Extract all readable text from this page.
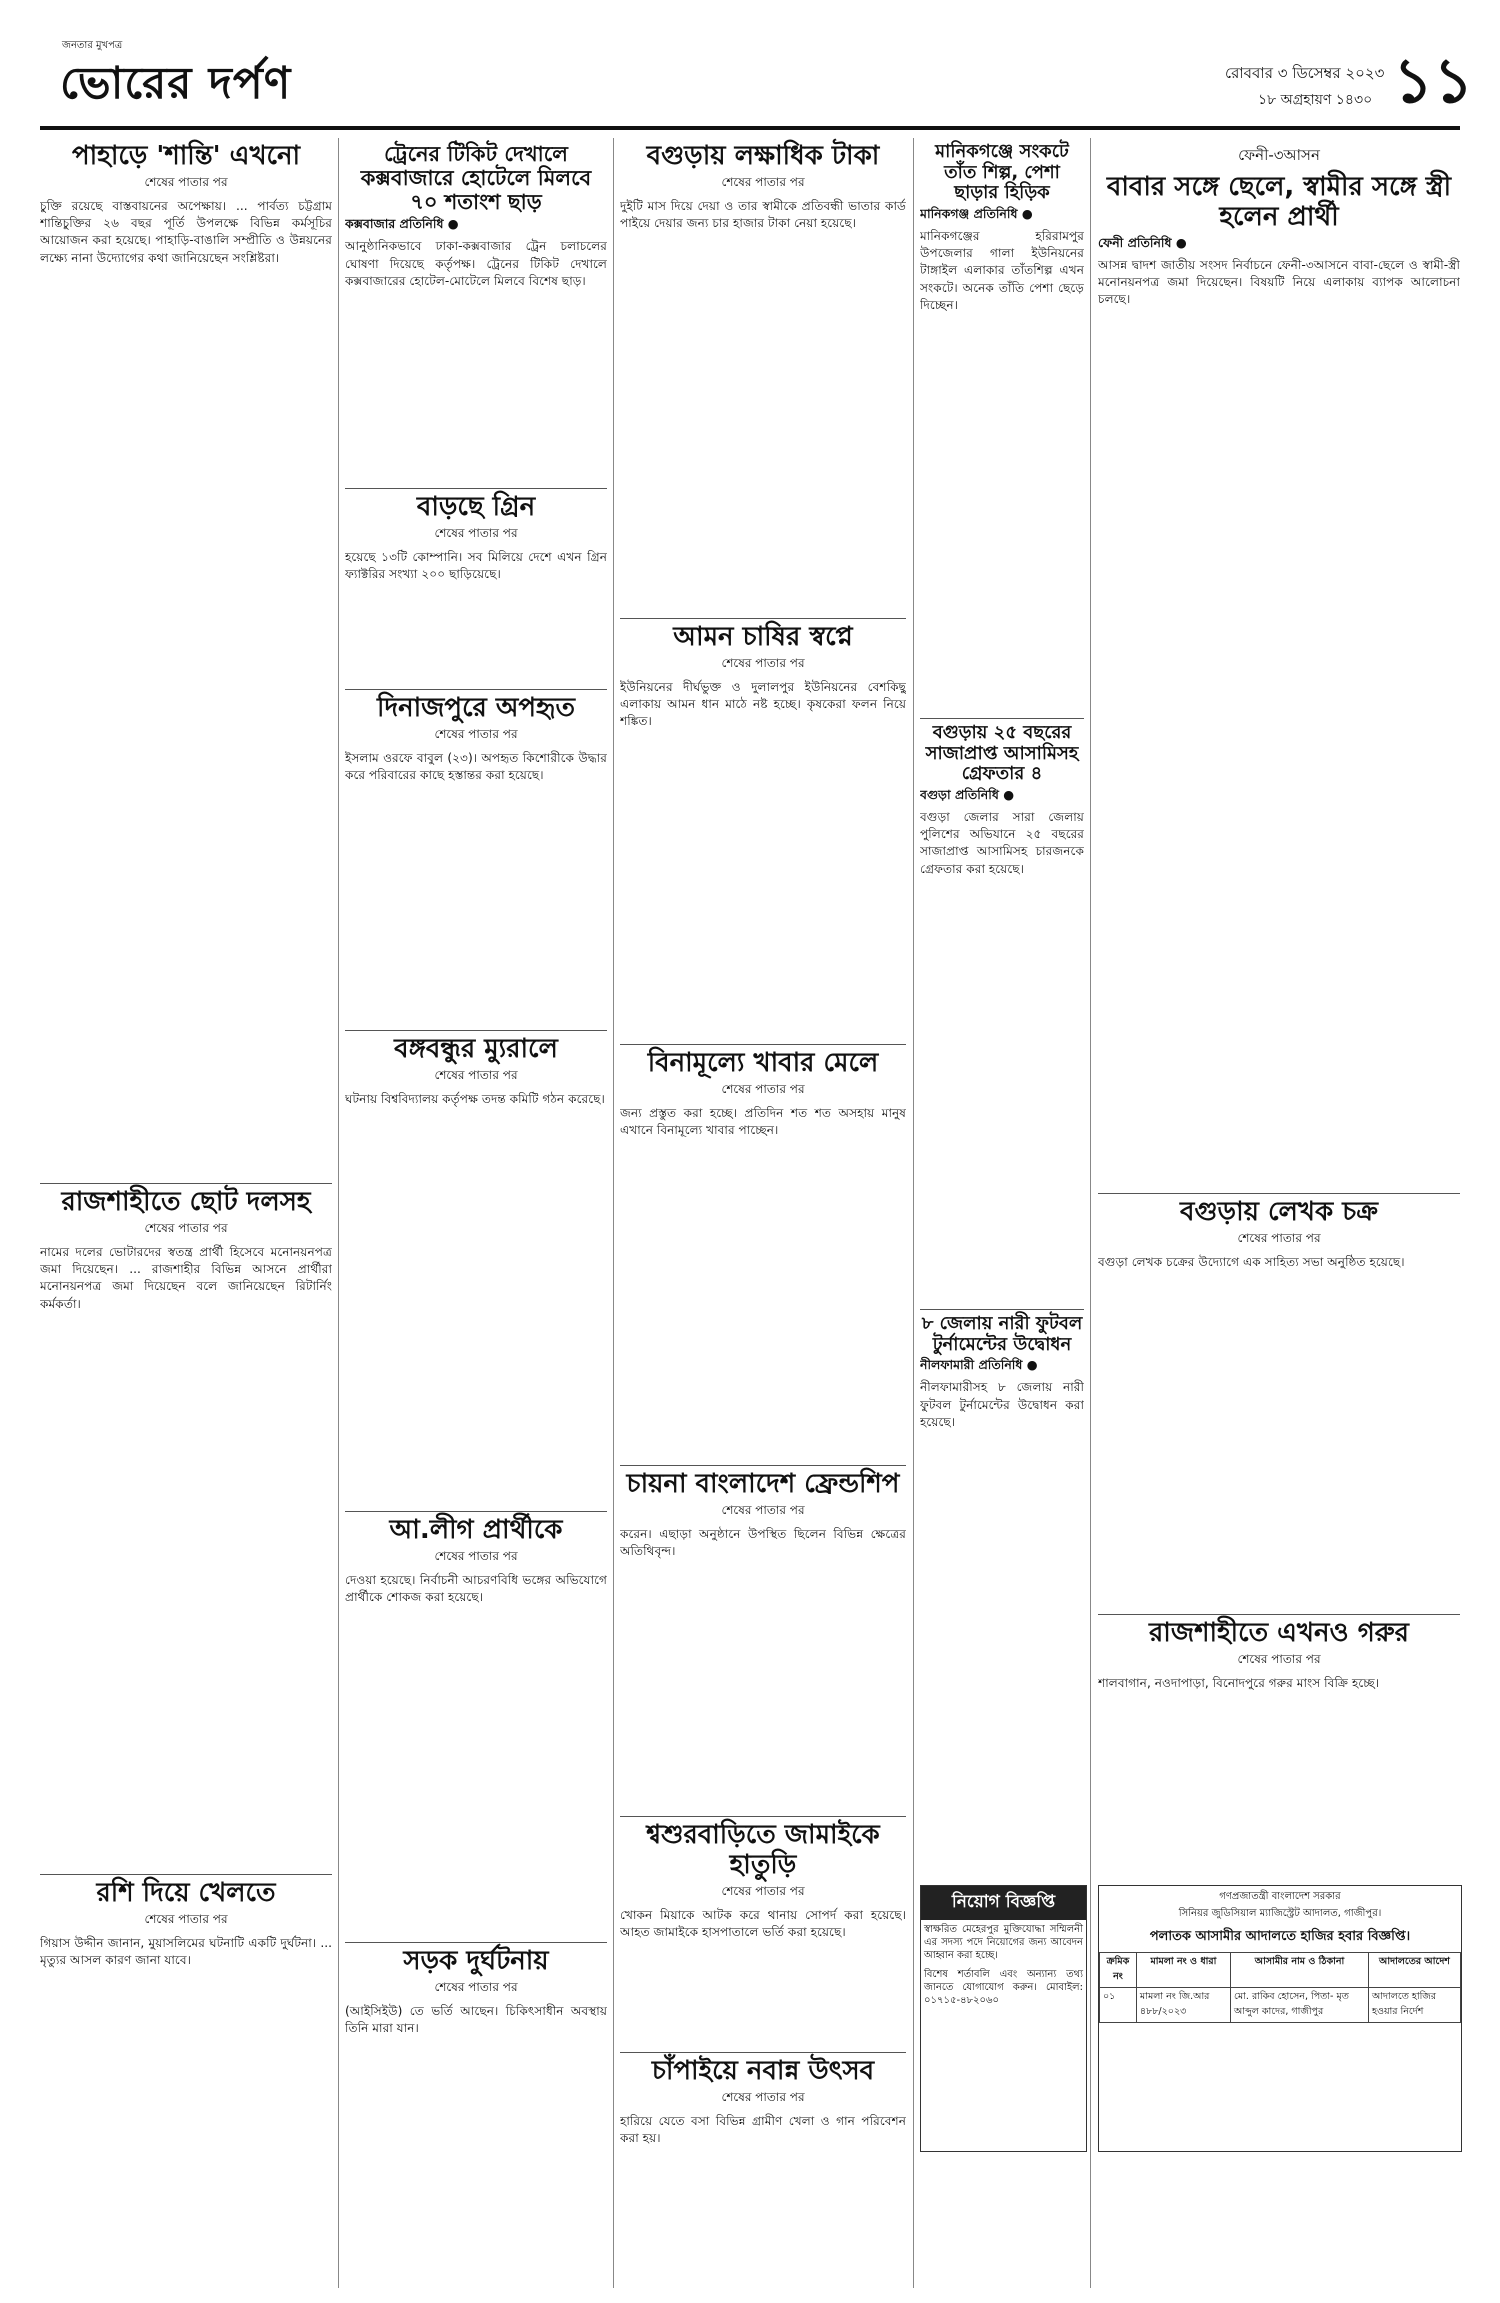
জনতার মুখপত্র
ভোরের দর্পণ	রোববার ৩ ডিসেম্বর ২০২৩
১৮ অগ্রহায়ণ ১৪৩০ ১১
পাহাড়ে 'শান্তি' এখনো
শেষের পাতার পর

চুক্তি রয়েছে বাস্তবায়নের অপেক্ষায়। ... পার্বত্য চট্টগ্রাম শান্তিচুক্তির ২৬ বছর পূর্তি উপলক্ষে বিভিন্ন কর্মসূচির আয়োজন করা হয়েছে। পাহাড়ি-বাঙালি সম্প্রীতি ও উন্নয়নের লক্ষ্যে নানা উদ্যোগের কথা জানিয়েছেন সংশ্লিষ্টরা।

রাজশাহীতে ছোট দলসহ
শেষের পাতার পর

নামের দলের ভোটারদের স্বতন্ত্র প্রার্থী হিসেবে মনোনয়নপত্র জমা দিয়েছেন। ... রাজশাহীর বিভিন্ন আসনে প্রার্থীরা মনোনয়নপত্র জমা দিয়েছেন বলে জানিয়েছেন রিটার্নিং কর্মকর্তা।

রশি দিয়ে খেলতে
শেষের পাতার পর

গিয়াস উদ্দীন জানান, মুয়াসলিমের ঘটনাটি একটি দুর্ঘটনা। ... মৃত্যুর আসল কারণ জানা যাবে।

ট্রেনের টিকিট দেখালে কক্সবাজারে হোটেলে মিলবে ৭০ শতাংশ ছাড়
কক্সবাজার প্রতিনিধি ●

আনুষ্ঠানিকভাবে ঢাকা-কক্সবাজার ট্রেন চলাচলের ঘোষণা দিয়েছে কর্তৃপক্ষ। ট্রেনের টিকিট দেখালে কক্সবাজারের হোটেল-মোটেলে মিলবে বিশেষ ছাড়।

বাড়ছে গ্রিন
শেষের পাতার পর

হয়েছে ১৩টি কোম্পানি। সব মিলিয়ে দেশে এখন গ্রিন ফ্যাক্টরির সংখ্যা ২০০ ছাড়িয়েছে।

দিনাজপুরে অপহৃত
শেষের পাতার পর

ইসলাম ওরফে বাবুল (২৩)। অপহৃত কিশোরীকে উদ্ধার করে পরিবারের কাছে হস্তান্তর করা হয়েছে।

বঙ্গবন্ধুর ম্যুরালে
শেষের পাতার পর

ঘটনায় বিশ্ববিদ্যালয় কর্তৃপক্ষ তদন্ত কমিটি গঠন করেছে।

আ.লীগ প্রার্থীকে
শেষের পাতার পর

দেওয়া হয়েছে। নির্বাচনী আচরণবিধি ভঙ্গের অভিযোগে প্রার্থীকে শোকজ করা হয়েছে।

সড়ক দুর্ঘটনায়
শেষের পাতার পর

(আইসিইউ) তে ভর্তি আছেন। চিকিৎসাধীন অবস্থায় তিনি মারা যান।

বগুড়ায় লক্ষাধিক টাকা
শেষের পাতার পর

দুইটি মাস দিয়ে দেয়া ও তার স্বামীকে প্রতিবন্ধী ভাতার কার্ড পাইয়ে দেয়ার জন্য চার হাজার টাকা নেয়া হয়েছে।

আমন চাষির স্বপ্নে
শেষের পাতার পর

ইউনিয়নের দীর্ঘভুক্ত ও দুলালপুর ইউনিয়নের বেশকিছু এলাকায় আমন ধান মাঠে নষ্ট হচ্ছে। কৃষকেরা ফলন নিয়ে শঙ্কিত।

বিনামূল্যে খাবার মেলে
শেষের পাতার পর

জন্য প্রস্তুত করা হচ্ছে। প্রতিদিন শত শত অসহায় মানুষ এখানে বিনামূল্যে খাবার পাচ্ছেন।

চায়না বাংলাদেশ ফ্রেন্ডশিপ
শেষের পাতার পর

করেন। এছাড়া অনুষ্ঠানে উপস্থিত ছিলেন বিভিন্ন ক্ষেত্রের অতিথিবৃন্দ।

শ্বশুরবাড়িতে জামাইকে হাতুড়ি
শেষের পাতার পর

খোকন মিয়াকে আটক করে থানায় সোপর্দ করা হয়েছে। আহত জামাইকে হাসপাতালে ভর্তি করা হয়েছে।

চাঁপাইয়ে নবান্ন উৎসব
শেষের পাতার পর

হারিয়ে যেতে বসা বিভিন্ন গ্রামীণ খেলা ও গান পরিবেশন করা হয়।

মানিকগঞ্জে সংকটে তাঁত শিল্প, পেশা ছাড়ার হিড়িক
মানিকগঞ্জ প্রতিনিধি ●

মানিকগঞ্জের হরিরামপুর উপজেলার গালা ইউনিয়নের টাঙ্গাইল এলাকার তাঁতশিল্প এখন সংকটে। অনেক তাঁতি পেশা ছেড়ে দিচ্ছেন।

বগুড়ায় ২৫ বছরের সাজাপ্রাপ্ত আসামিসহ গ্রেফতার ৪
বগুড়া প্রতিনিধি ●

বগুড়া জেলার সারা জেলায় পুলিশের অভিযানে ২৫ বছরের সাজাপ্রাপ্ত আসামিসহ চারজনকে গ্রেফতার করা হয়েছে।

৮ জেলায় নারী ফুটবল টুর্নামেন্টের উদ্বোধন
নীলফামারী প্রতিনিধি ●

নীলফামারীসহ ৮ জেলায় নারী ফুটবল টুর্নামেন্টের উদ্বোধন করা হয়েছে।

ফেনী-৩আসন
বাবার সঙ্গে ছেলে, স্বামীর সঙ্গে স্ত্রী হলেন প্রার্থী
ফেনী প্রতিনিধি ●

আসন্ন দ্বাদশ জাতীয় সংসদ নির্বাচনে ফেনী-৩আসনে বাবা-ছেলে ও স্বামী-স্ত্রী মনোনয়নপত্র জমা দিয়েছেন। বিষয়টি নিয়ে এলাকায় ব্যাপক আলোচনা চলছে।

বগুড়ায় লেখক চক্র
শেষের পাতার পর

বগুড়া লেখক চক্রের উদ্যোগে এক সাহিত্য সভা অনুষ্ঠিত হয়েছে।

রাজশাহীতে এখনও গরুর
শেষের পাতার পর

শালবাগান, নওদাপাড়া, বিনোদপুরে গরুর মাংস বিক্রি হচ্ছে।

নিয়োগ বিজ্ঞপ্তি

স্বাক্ষরিত মেহেরপুর মুক্তিযোদ্ধা সম্মিলনী এর সদস্য পদে নিয়োগের জন্য আবেদন আহ্বান করা হচ্ছে।

বিশেষ শর্তাবলি এবং অন্যান্য তথ্য জানতে যোগাযোগ করুন। মোবাইল: ০১৭১৫-৪৮২০৬০

গণপ্রজাতন্ত্রী বাংলাদেশ সরকার
সিনিয়র জুডিসিয়াল ম্যাজিস্ট্রেট আদালত, গাজীপুর।
পলাতক আসামীর আদালতে হাজির হবার বিজ্ঞপ্তি।
ক্রমিক নং	মামলা নং ও ধারা	আসামীর নাম ও ঠিকানা	আদালতের আদেশ
০১	মামলা নং জি.আর ৪৮৮/২০২৩	মো. রাকিব হোসেন, পিতা- মৃত আব্দুল কাদের, গাজীপুর	আদালতে হাজির হওয়ার নির্দেশ
